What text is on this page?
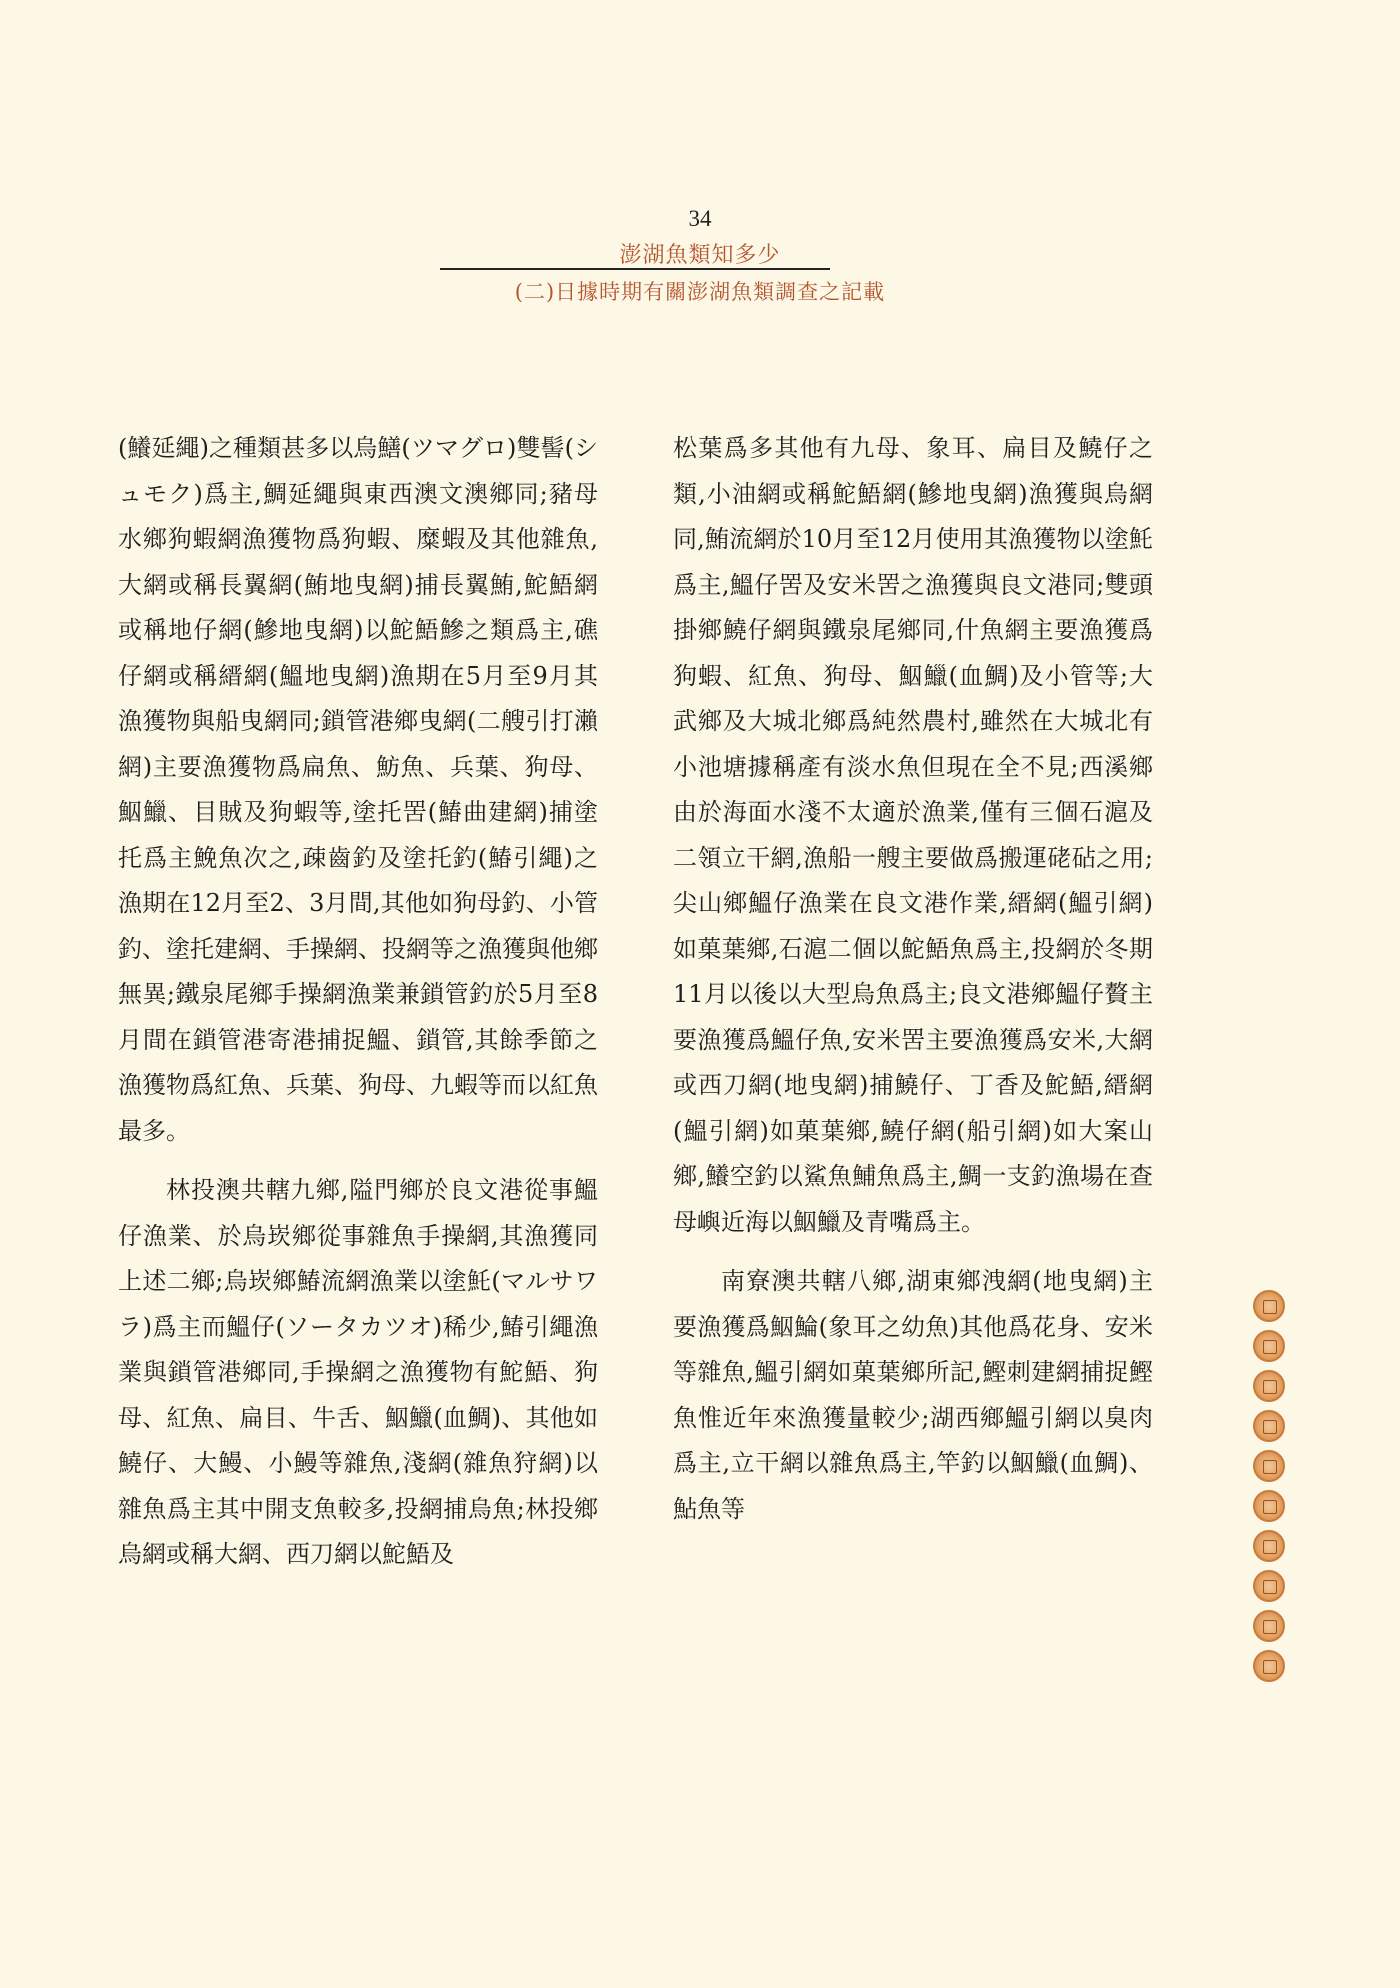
34
澎湖魚類知多少
(二)日據時期有關澎湖魚類調查之記載

(鱶延繩)之種類甚多以烏鱔(ツマグロ)雙髻(シュモク)爲主,鯛延繩與東西澳文澳鄉同;豬母水鄉狗蝦網漁獲物爲狗蝦、糜蝦及其他雜魚,大網或稱長翼網(鮪地曳網)捕長翼鮪,鮀鯃網或稱地仔網(鰺地曳網)以鮀鯃鰺之類爲主,礁仔網或稱縉網(鰮地曳網)漁期在5月至9月其漁獲物與船曳網同;鎖管港鄉曳網(二艘引打瀨網)主要漁獲物爲扁魚、魴魚、兵葉、狗母、鮂鱲、目賊及狗蝦等,塗托罟(鰆曲建網)捕塗托爲主鮸魚次之,疎齒釣及塗托釣(鰆引繩)之漁期在12月至2、3月間,其他如狗母釣、小管釣、塗托建網、手操網、投網等之漁獲與他鄉無異;鐵泉尾鄉手操網漁業兼鎖管釣於5月至8月間在鎖管港寄港捕捉鰮、鎖管,其餘季節之漁獲物爲紅魚、兵葉、狗母、九蝦等而以紅魚最多。

林投澳共轄九鄉,隘門鄉於良文港從事鰮仔漁業、於烏崁鄉從事雜魚手操網,其漁獲同上述二鄉;烏崁鄉鰆流網漁業以塗魠(マルサワラ)爲主而鰮仔(ソータカツオ)稀少,鰆引繩漁業與鎖管港鄉同,手操網之漁獲物有鮀鯃、狗母、紅魚、扁目、牛舌、鮂鱲(血鯛)、其他如鱙仔、大鰻、小鰻等雜魚,淺網(雜魚狩網)以雜魚爲主其中開支魚較多,投網捕烏魚;林投鄉烏網或稱大網、西刀網以鮀鯃及

松葉爲多其他有九母、象耳、扁目及鱙仔之類,小油網或稱鮀鯃網(鰺地曳網)漁獲與烏網同,鮪流網於10月至12月使用其漁獲物以塗魠爲主,鰮仔罟及安米罟之漁獲與良文港同;雙頭掛鄉鱙仔網與鐵泉尾鄉同,什魚網主要漁獲爲狗蝦、紅魚、狗母、鮂鱲(血鯛)及小管等;大武鄉及大城北鄉爲純然農村,雖然在大城北有小池塘據稱產有淡水魚但現在全不見;西溪鄉由於海面水淺不太適於漁業,僅有三個石滬及二領立干網,漁船一艘主要做爲搬運硓砧之用;尖山鄉鰮仔漁業在良文港作業,縉網(鰮引網)如菓葉鄉,石滬二個以鮀鯃魚爲主,投網於冬期11月以後以大型烏魚爲主;良文港鄉鰮仔贅主要漁獲爲鰮仔魚,安米罟主要漁獲爲安米,大網或西刀網(地曳網)捕鱙仔、丁香及鮀鯃,縉網(鰮引網)如菓葉鄉,鱙仔網(船引網)如大案山鄉,鱶空釣以鯊魚鯆魚爲主,鯛一支釣漁場在查母嶼近海以鮂鱲及青嘴爲主。

南寮澳共轄八鄉,湖東鄉洩網(地曳網)主要漁獲爲鮂鯩(象耳之幼魚)其他爲花身、安米等雜魚,鰮引網如菓葉鄉所記,鰹刺建網捕捉鰹魚惟近年來漁獲量較少;湖西鄉鰮引網以臭肉爲主,立干網以雜魚爲主,竿釣以鮂鱲(血鯛)、鮎魚等
